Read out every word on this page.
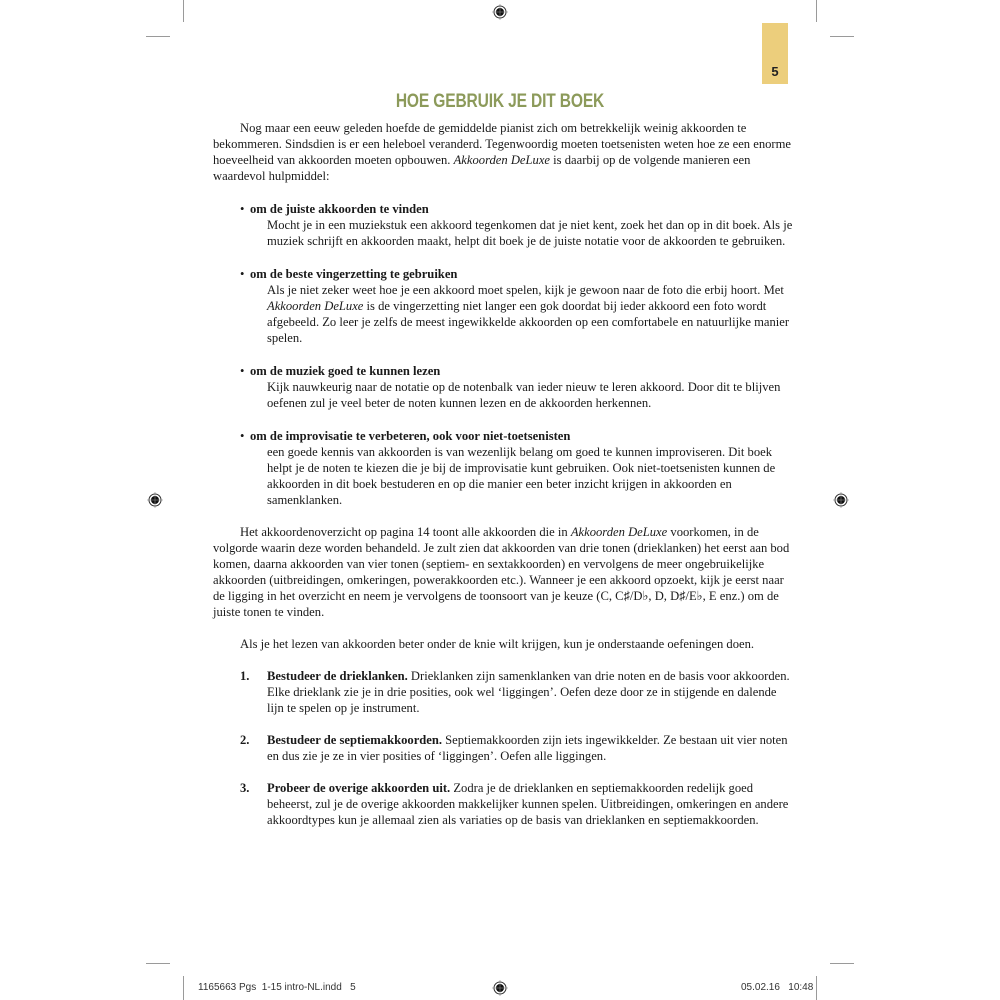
5
HOE GEBRUIK JE DIT BOEK

Nog maar een eeuw geleden hoefde de gemiddelde pianist zich om betrekkelijk weinig akkoorden te bekommeren. Sindsdien is er een heleboel veranderd. Tegenwoordig moeten toetsenisten weten hoe ze een enorme hoeveelheid van akkoorden moeten opbouwen. Akkoorden DeLuxe is daarbij op de volgende manieren een waardevol hulpmiddel:

• om de juiste akkoorden te vinden
Mocht je in een muziekstuk een akkoord tegenkomen dat je niet kent, zoek het dan op in dit boek. Als je muziek schrijft en akkoorden maakt, helpt dit boek je de juiste notatie voor de akkoorden te gebruiken.
• om de beste vingerzetting te gebruiken
Als je niet zeker weet hoe je een akkoord moet spelen, kijk je gewoon naar de foto die erbij hoort. Met Akkoorden DeLuxe is de vingerzetting niet langer een gok doordat bij ieder akkoord een foto wordt afgebeeld. Zo leer je zelfs de meest ingewikkelde akkoorden op een comfortabele en natuurlijke manier spelen.
• om de muziek goed te kunnen lezen
Kijk nauwkeurig naar de notatie op de notenbalk van ieder nieuw te leren akkoord. Door dit te blijven oefenen zul je veel beter de noten kunnen lezen en de akkoorden herkennen.
• om de improvisatie te verbeteren, ook voor niet-toetsenisten
een goede kennis van akkoorden is van wezenlijk belang om goed te kunnen improviseren. Dit boek helpt je de noten te kiezen die je bij de improvisatie kunt gebruiken. Ook niet-toetsenisten kunnen de akkoorden in dit boek bestuderen en op die manier een beter inzicht krijgen in akkoorden en samenklanken.

Het akkoordenoverzicht op pagina 14 toont alle akkoorden die in Akkoorden DeLuxe voorkomen, in de volgorde waarin deze worden behandeld. Je zult zien dat akkoorden van drie tonen (drieklanken) het eerst aan bod komen, daarna akkoorden van vier tonen (septiem- en sextakkoorden) en vervolgens de meer ongebruikelijke akkoorden (uitbreidingen, omkeringen, powerakkoorden etc.). Wanneer je een akkoord opzoekt, kijk je eerst naar de ligging in het overzicht en neem je vervolgens de toonsoort van je keuze (C, C♯/D♭, D, D♯/E♭, E enz.) om de juiste tonen te vinden.

Als je het lezen van akkoorden beter onder de knie wilt krijgen, kun je onderstaande oefeningen doen.

1. Bestudeer de drieklanken. Drieklanken zijn samenklanken van drie noten en de basis voor akkoorden. Elke drieklank zie je in drie posities, ook wel ‘liggingen’. Oefen deze door ze in stijgende en dalende lijn te spelen op je instrument.
2. Bestudeer de septiemakkoorden. Septiemakkoorden zijn iets ingewikkelder. Ze bestaan uit vier noten en dus zie je ze in vier posities of ‘liggingen’. Oefen alle liggingen.
3. Probeer de overige akkoorden uit. Zodra je de drieklanken en septiemakkoorden redelijk goed beheerst, zul je de overige akkoorden makkelijker kunnen spelen. Uitbreidingen, omkeringen en andere akkoordtypes kun je allemaal zien als variaties op de basis van drieklanken en septiemakkoorden.
1165663 Pgs  1-15 intro-NL.indd   5	05.02.16   10:48
